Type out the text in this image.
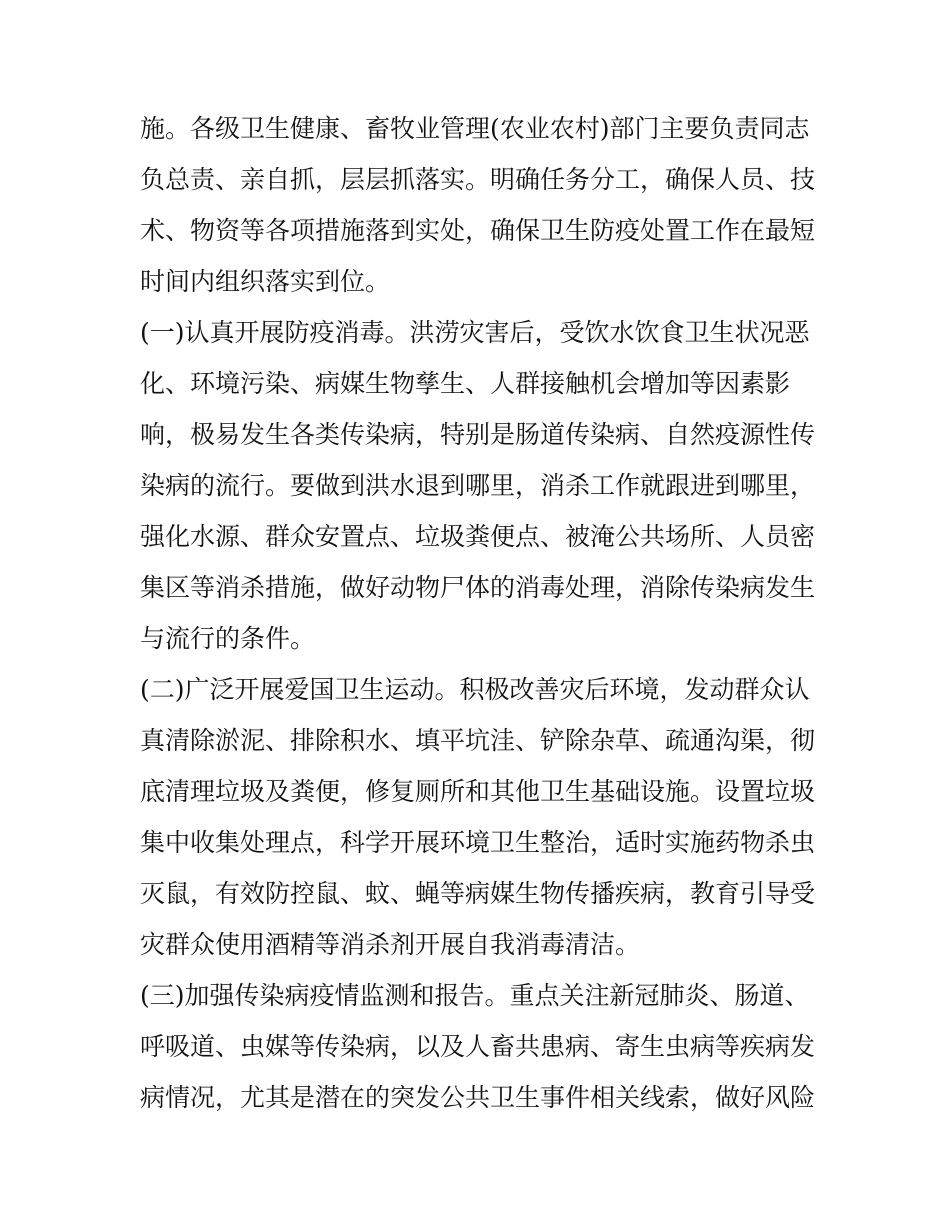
施。各级卫生健康、畜牧业管理(农业农村)部门主要负责同志
负总责、亲自抓，层层抓落实。明确任务分工，确保人员、技
术、物资等各项措施落到实处，确保卫生防疫处置工作在最短
时间内组织落实到位。
(一)认真开展防疫消毒。洪涝灾害后，受饮水饮食卫生状况恶
化、环境污染、病媒生物孳生、人群接触机会增加等因素影
响，极易发生各类传染病，特别是肠道传染病、自然疫源性传
染病的流行。要做到洪水退到哪里，消杀工作就跟进到哪里，
强化水源、群众安置点、垃圾粪便点、被淹公共场所、人员密
集区等消杀措施，做好动物尸体的消毒处理，消除传染病发生
与流行的条件。
(二)广泛开展爱国卫生运动。积极改善灾后环境，发动群众认
真清除淤泥、排除积水、填平坑洼、铲除杂草、疏通沟渠，彻
底清理垃圾及粪便，修复厕所和其他卫生基础设施。设置垃圾
集中收集处理点，科学开展环境卫生整治，适时实施药物杀虫
灭鼠，有效防控鼠、蚊、蝇等病媒生物传播疾病，教育引导受
灾群众使用酒精等消杀剂开展自我消毒清洁。
(三)加强传染病疫情监测和报告。重点关注新冠肺炎、肠道、
呼吸道、虫媒等传染病，以及人畜共患病、寄生虫病等疾病发
病情况，尤其是潜在的突发公共卫生事件相关线索，做好风险
